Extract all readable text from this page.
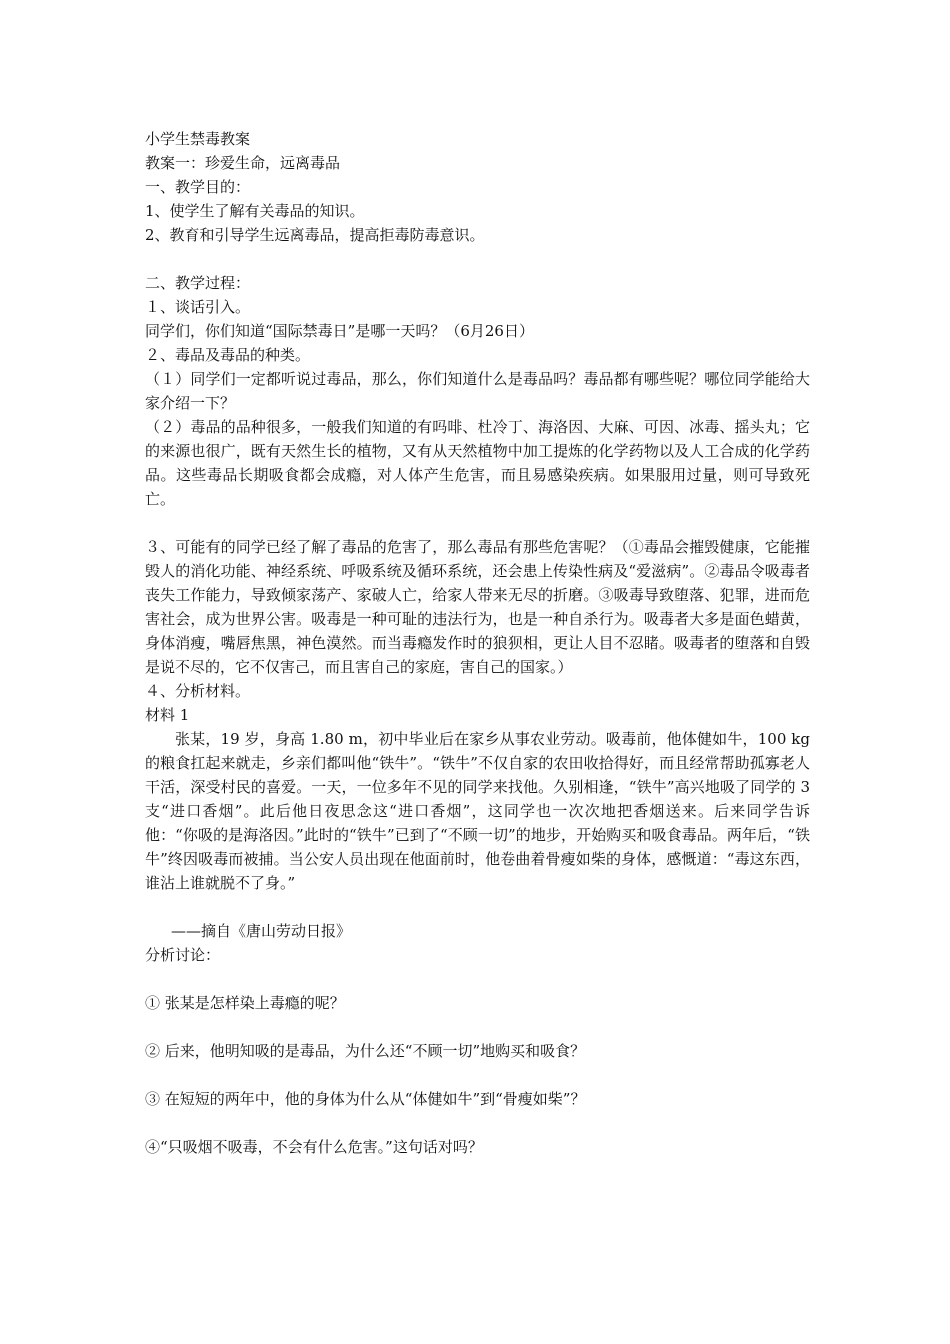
小学生禁毒教案

教案一：珍爱生命，远离毒品

一、教学目的：

1、使学生了解有关毒品的知识。

2、教育和引导学生远离毒品，提高拒毒防毒意识。

二、教学过程：

１、谈话引入。

同学们，你们知道“国际禁毒日”是哪一天吗？（6月26日）

２、毒品及毒品的种类。

（１）同学们一定都听说过毒品，那么，你们知道什么是毒品吗？毒品都有哪些呢？哪位同学能给大家介绍一下？

（２）毒品的品种很多，一般我们知道的有吗啡、杜冷丁、海洛因、大麻、可因、冰毒、摇头丸；它的来源也很广，既有天然生长的植物，又有从天然植物中加工提炼的化学药物以及人工合成的化学药品。这些毒品长期吸食都会成瘾，对人体产生危害，而且易感染疾病。如果服用过量，则可导致死亡。

３、可能有的同学已经了解了毒品的危害了，那么毒品有那些危害呢？（①毒品会摧毁健康，它能摧毁人的消化功能、神经系统、呼吸系统及循环系统，还会患上传染性病及“爱滋病”。②毒品令吸毒者丧失工作能力，导致倾家荡产、家破人亡，给家人带来无尽的折磨。③吸毒导致堕落、犯罪，进而危害社会，成为世界公害。吸毒是一种可耻的违法行为，也是一种自杀行为。吸毒者大多是面色蜡黄，身体消瘦，嘴唇焦黑，神色漠然。而当毒瘾发作时的狼狈相，更让人目不忍睹。吸毒者的堕落和自毁是说不尽的，它不仅害己，而且害自己的家庭，害自己的国家。）

４、分析材料。

材料 1

张某，19 岁，身高 1.80 m，初中毕业后在家乡从事农业劳动。吸毒前，他体健如牛，100 kg 的粮食扛起来就走，乡亲们都叫他“铁牛”。“铁牛”不仅自家的农田收拾得好，而且经常帮助孤寡老人干活，深受村民的喜爱。一天，一位多年不见的同学来找他。久别相逢，“铁牛”高兴地吸了同学的 3 支“进口香烟”。此后他日夜思念这“进口香烟”，这同学也一次次地把香烟送来。后来同学告诉他：“你吸的是海洛因。”此时的“铁牛”已到了“不顾一切”的地步，开始购买和吸食毒品。两年后，“铁牛”终因吸毒而被捕。当公安人员出现在他面前时，他卷曲着骨瘦如柴的身体，感慨道：“毒这东西，谁沾上谁就脱不了身。”

——摘自《唐山劳动日报》

分析讨论：

① 张某是怎样染上毒瘾的呢？

② 后来，他明知吸的是毒品，为什么还“不顾一切”地购买和吸食？

③ 在短短的两年中，他的身体为什么从“体健如牛”到“骨瘦如柴”？

④“只吸烟不吸毒，不会有什么危害。”这句话对吗？
